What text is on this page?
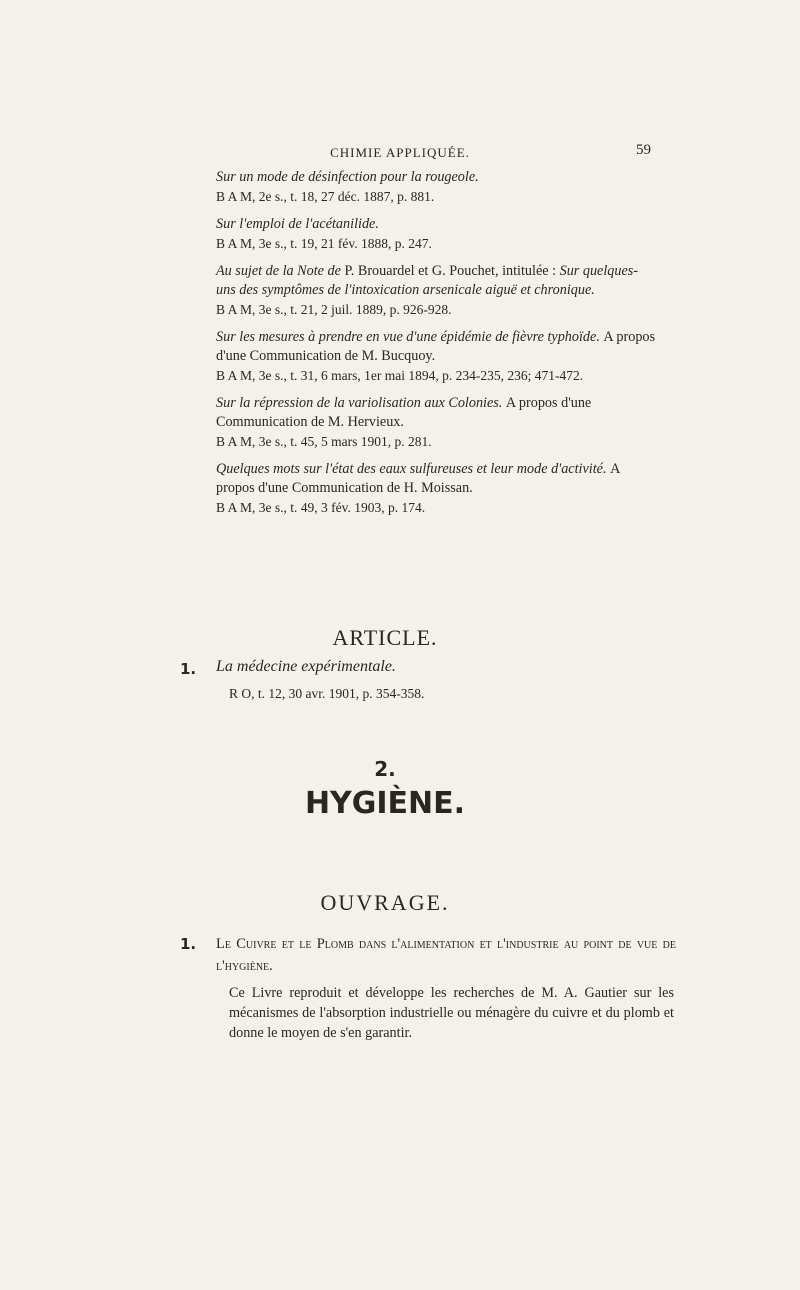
CHIMIE APPLIQUÉE.	59

Sur un mode de désinfection pour la rougeole.

B A M, 2e s., t. 18, 27 déc. 1887, p. 881.

Sur l'emploi de l'acétanilide.

B A M, 3e s., t. 19, 21 fév. 1888, p. 247.

Au sujet de la Note de P. Brouardel et G. Pouchet, intitulée : Sur quelques-uns des symptômes de l'intoxication arsenicale aiguë et chronique.

B A M, 3e s., t. 21, 2 juil. 1889, p. 926-928.

Sur les mesures à prendre en vue d'une épidémie de fièvre typhoïde. A propos d'une Communication de M. Bucquoy.

B A M, 3e s., t. 31, 6 mars, 1er mai 1894, p. 234-235, 236; 471-472.

Sur la répression de la variolisation aux Colonies. A propos d'une Communication de M. Hervieux.

B A M, 3e s., t. 45, 5 mars 1901, p. 281.

Quelques mots sur l'état des eaux sulfureuses et leur mode d'activité. A propos d'une Communication de H. Moissan.

B A M, 3e s., t. 49, 3 fév. 1903, p. 174.

ARTICLE.
1. La médecine expérimentale.
R O, t. 12, 30 avr. 1901, p. 354-358.
2.
HYGIÈNE.
OUVRAGE.
1. Le Cuivre et le Plomb dans l'alimentation et l'industrie au point de vue de l'hygiène.
Ce Livre reproduit et développe les recherches de M. A. Gautier sur les mécanismes de l'absorption industrielle ou ménagère du cuivre et du plomb et donne le moyen de s'en garantir.
